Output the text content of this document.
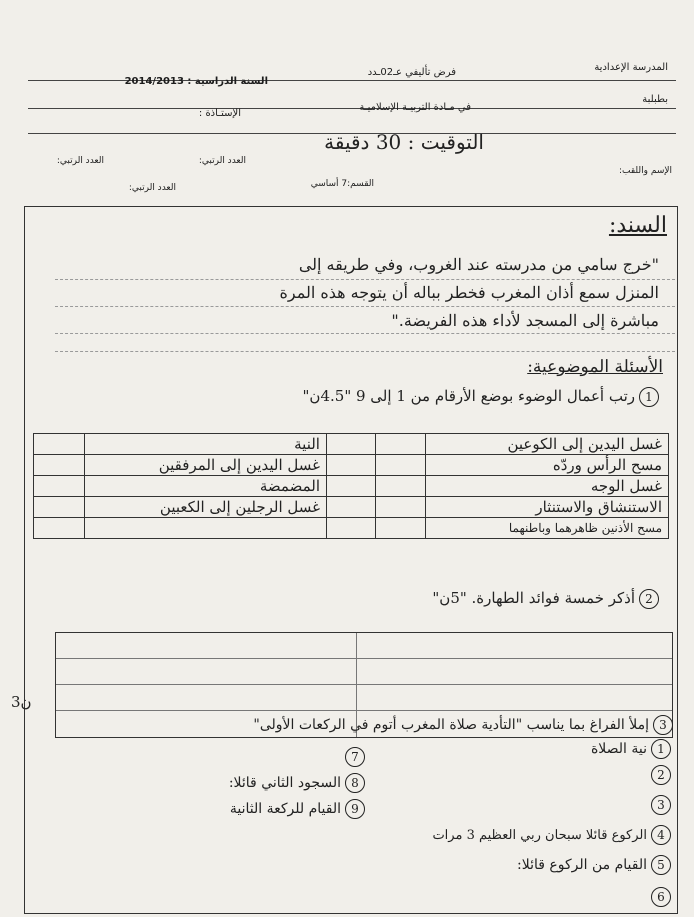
المدرسة الإعدادية
بطبلبة
فرض تأليفي عـ02ـدد
في مـادة التربيـة الإسلاميـة
السنة الدراسية : 2014/2013
الإستـاذة :
التوقيت : 30 دقيقة
الإسم واللقب:
القسم:7 أساسي
العدد الرتبي:	العدد الرتبي:
العدد الرتبي:
السند:
"خرج سامي من مدرسته عند الغروب، وفي طريقه إلى
المنزل سمع أذان المغرب فخطر بباله أن يتوجه هذه المرة
مباشرة إلى المسجد لأداء هذه الفريضة."
الأسئلة الموضوعية:
1رتب أعمال الوضوء بوضع الأرقام من 1 إلى 9 "4.5ن"
غسل اليدين إلى الكوعين			النية	
مسح الرأس وردّه			غسل اليدين إلى المرفقين	
غسل الوجه			المضمضة	
الاستنشاق والاستنثار			غسل الرجلين إلى الكعبين	
مسح الأذنين ظاهرهما وباطنهما				
2أذكر خمسة فوائد الطهارة. "5ن"
3ن
3إملأ الفراغ بما يناسب "التأدية صلاة المغرب أتوم في الركعات الأولى"
1نية الصلاة
2
3
4الركوع قائلا سبحان ربي العظيم 3 مرات
5القيام من الركوع قائلا:
6
7
8السجود الثاني قائلا:
9القيام للركعة الثانية
